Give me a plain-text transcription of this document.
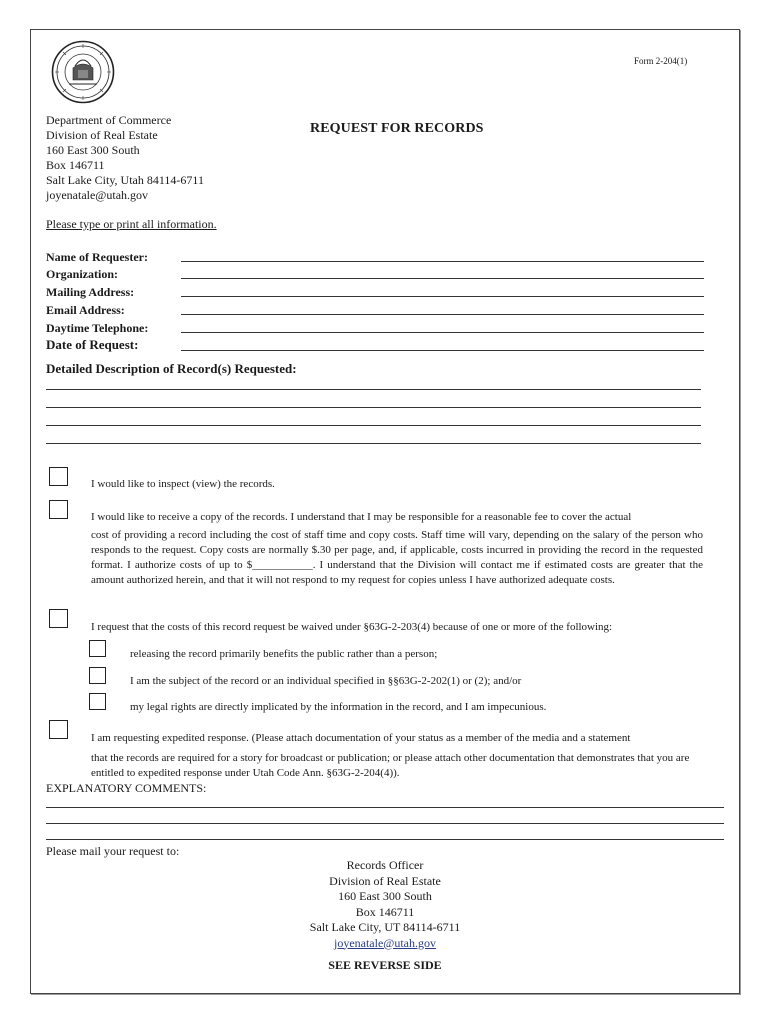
Form 2-204(1)
Department of Commerce
Division of Real Estate
160 East 300 South
Box 146711
Salt Lake City, Utah 84114-6711
joyenatale@utah.gov
REQUEST FOR RECORDS
Please type or print all information.
Name of Requester:
Organization:
Mailing Address:
Email Address:
Daytime Telephone:
Date of Request:
Detailed Description of Record(s) Requested:
I would like to inspect (view) the records.
I would like to receive a copy of the records. I understand that I may be responsible for a reasonable fee to cover the actual
cost of providing a record including the cost of staff time and copy costs. Staff time will vary, depending on the salary of the person who responds to the request. Copy costs are normally $.30 per page, and, if applicable, costs incurred in providing the record in the requested format. I authorize costs of up to $___________. I understand that the Division will contact me if estimated costs are greater that the amount authorized herein, and that it will not respond to my request for copies unless I have authorized adequate costs.
I request that the costs of this record request be waived under §63G-2-203(4) because of one or more of the following:
releasing the record primarily benefits the public rather than a person;
I am the subject of the record or an individual specified in §§63G-2-202(1) or (2); and/or
my legal rights are directly implicated by the information in the record, and I am impecunious.
I am requesting expedited response. (Please attach documentation of your status as a member of the media and a statement
that the records are required for a story for broadcast or publication; or please attach other documentation that demonstrates that you are entitled to expedited response under Utah Code Ann. §63G-2-204(4)).
EXPLANATORY COMMENTS:
Please mail your request to:
Records Officer
Division of Real Estate
160 East 300 South
Box 146711
Salt Lake City, UT 84114-6711
joyenatale@utah.gov
SEE REVERSE SIDE
